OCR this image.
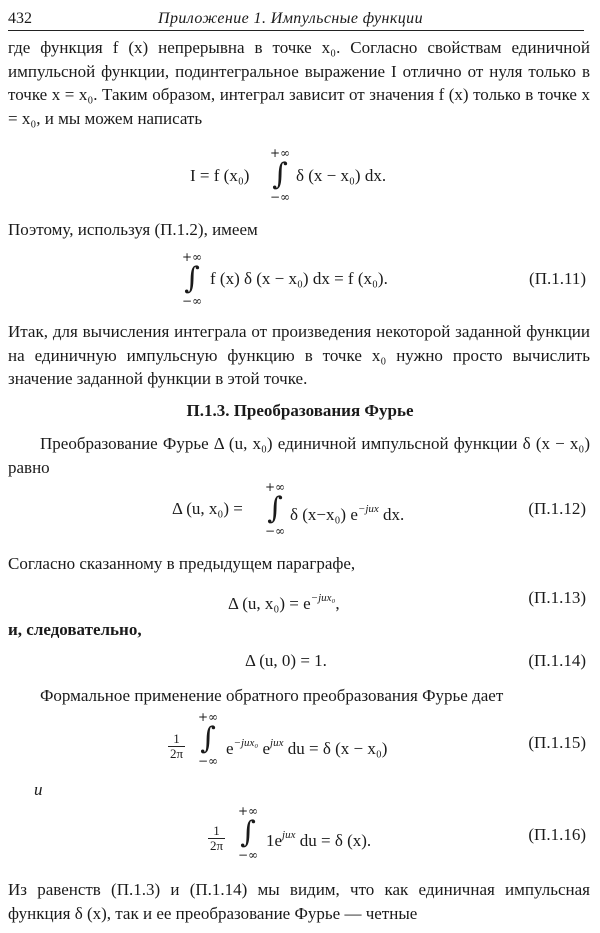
432	Приложение 1. Импульсные функции
где функция f (x) непрерывна в точке x₀. Согласно свойствам единичной импульсной функции, подинтегральное выражение I отлично от нуля только в точке x = x₀. Таким образом, интеграл зависит от значения f (x) только в точке x = x₀, и мы можем написать
I = f (x₀)
+∞
∫
−∞
δ (x − x₀) dx.
Поэтому, используя (П.1.2), имеем
+∞
∫
−∞
f (x) δ (x − x₀) dx = f (x₀).	(П.1.11)
Итак, для вычисления интеграла от произведения некоторой заданной функции на единичную импульсную функцию в точке x₀ нужно просто вычислить значение заданной функции в этой точке.
П.1.3. Преобразования Фурье
Преобразование Фурье Δ (u, x₀) единичной импульсной функции δ (x − x₀) равно
Δ (u, x₀) =
+∞
∫
−∞
δ (x−x₀) $e^{-jux}$ dx.	(П.1.12)
Согласно сказанному в предыдущем параграфе,
Δ (u, $x_0) = e^{-jux_0}$,	(П.1.13)
и, следовательно,
Δ (u, 0) = 1.	(П.1.14)
Формальное применение обратного преобразования Фурье дает
$\frac{1}{2\pi}$
+∞
∫
−∞
$e^{-jux_0}$ $e^{jux}$ du = δ (x − x₀)	(П.1.15)
и
$\frac{1}{2\pi}$
+∞
∫
−∞
$1e^{jux}$ du = δ (x).	(П.1.16)
Из равенств (П.1.3) и (П.1.14) мы видим, что как единичная импульсная функция δ (x), так и ее преобразование Фурье — четные
